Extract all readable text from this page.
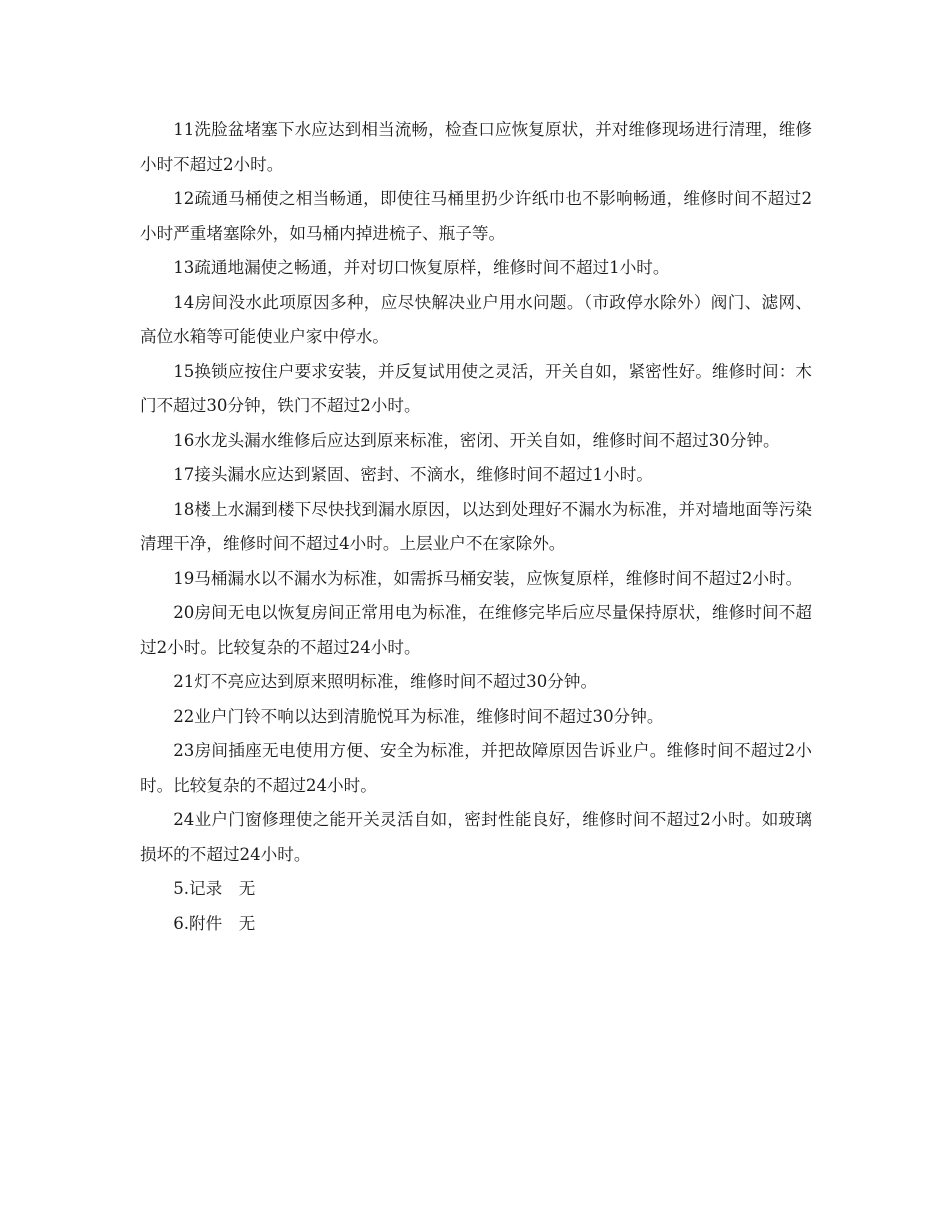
11洗脸盆堵塞下水应达到相当流畅，检查口应恢复原状，并对维修现场进行清理，维修小时不超过2小时。

12疏通马桶使之相当畅通，即使往马桶里扔少许纸巾也不影响畅通，维修时间不超过2小时严重堵塞除外，如马桶内掉进梳子、瓶子等。

13疏通地漏使之畅通，并对切口恢复原样，维修时间不超过1小时。

14房间没水此项原因多种，应尽快解决业户用水问题。（市政停水除外）阀门、滤网、高位水箱等可能使业户家中停水。

15换锁应按住户要求安装，并反复试用使之灵活，开关自如，紧密性好。维修时间：木门不超过30分钟，铁门不超过2小时。

16水龙头漏水维修后应达到原来标准，密闭、开关自如，维修时间不超过30分钟。

17接头漏水应达到紧固、密封、不滴水，维修时间不超过1小时。

18楼上水漏到楼下尽快找到漏水原因，以达到处理好不漏水为标准，并对墙地面等污染清理干净，维修时间不超过4小时。上层业户不在家除外。

19马桶漏水以不漏水为标准，如需拆马桶安装，应恢复原样，维修时间不超过2小时。

20房间无电以恢复房间正常用电为标准，在维修完毕后应尽量保持原状，维修时间不超过2小时。比较复杂的不超过24小时。

21灯不亮应达到原来照明标准，维修时间不超过30分钟。

22业户门铃不响以达到清脆悦耳为标准，维修时间不超过30分钟。

23房间插座无电使用方便、安全为标准，并把故障原因告诉业户。维修时间不超过2小时。比较复杂的不超过24小时。

24业户门窗修理使之能开关灵活自如，密封性能良好，维修时间不超过2小时。如玻璃损坏的不超过24小时。

5.记录　无

6.附件　无
